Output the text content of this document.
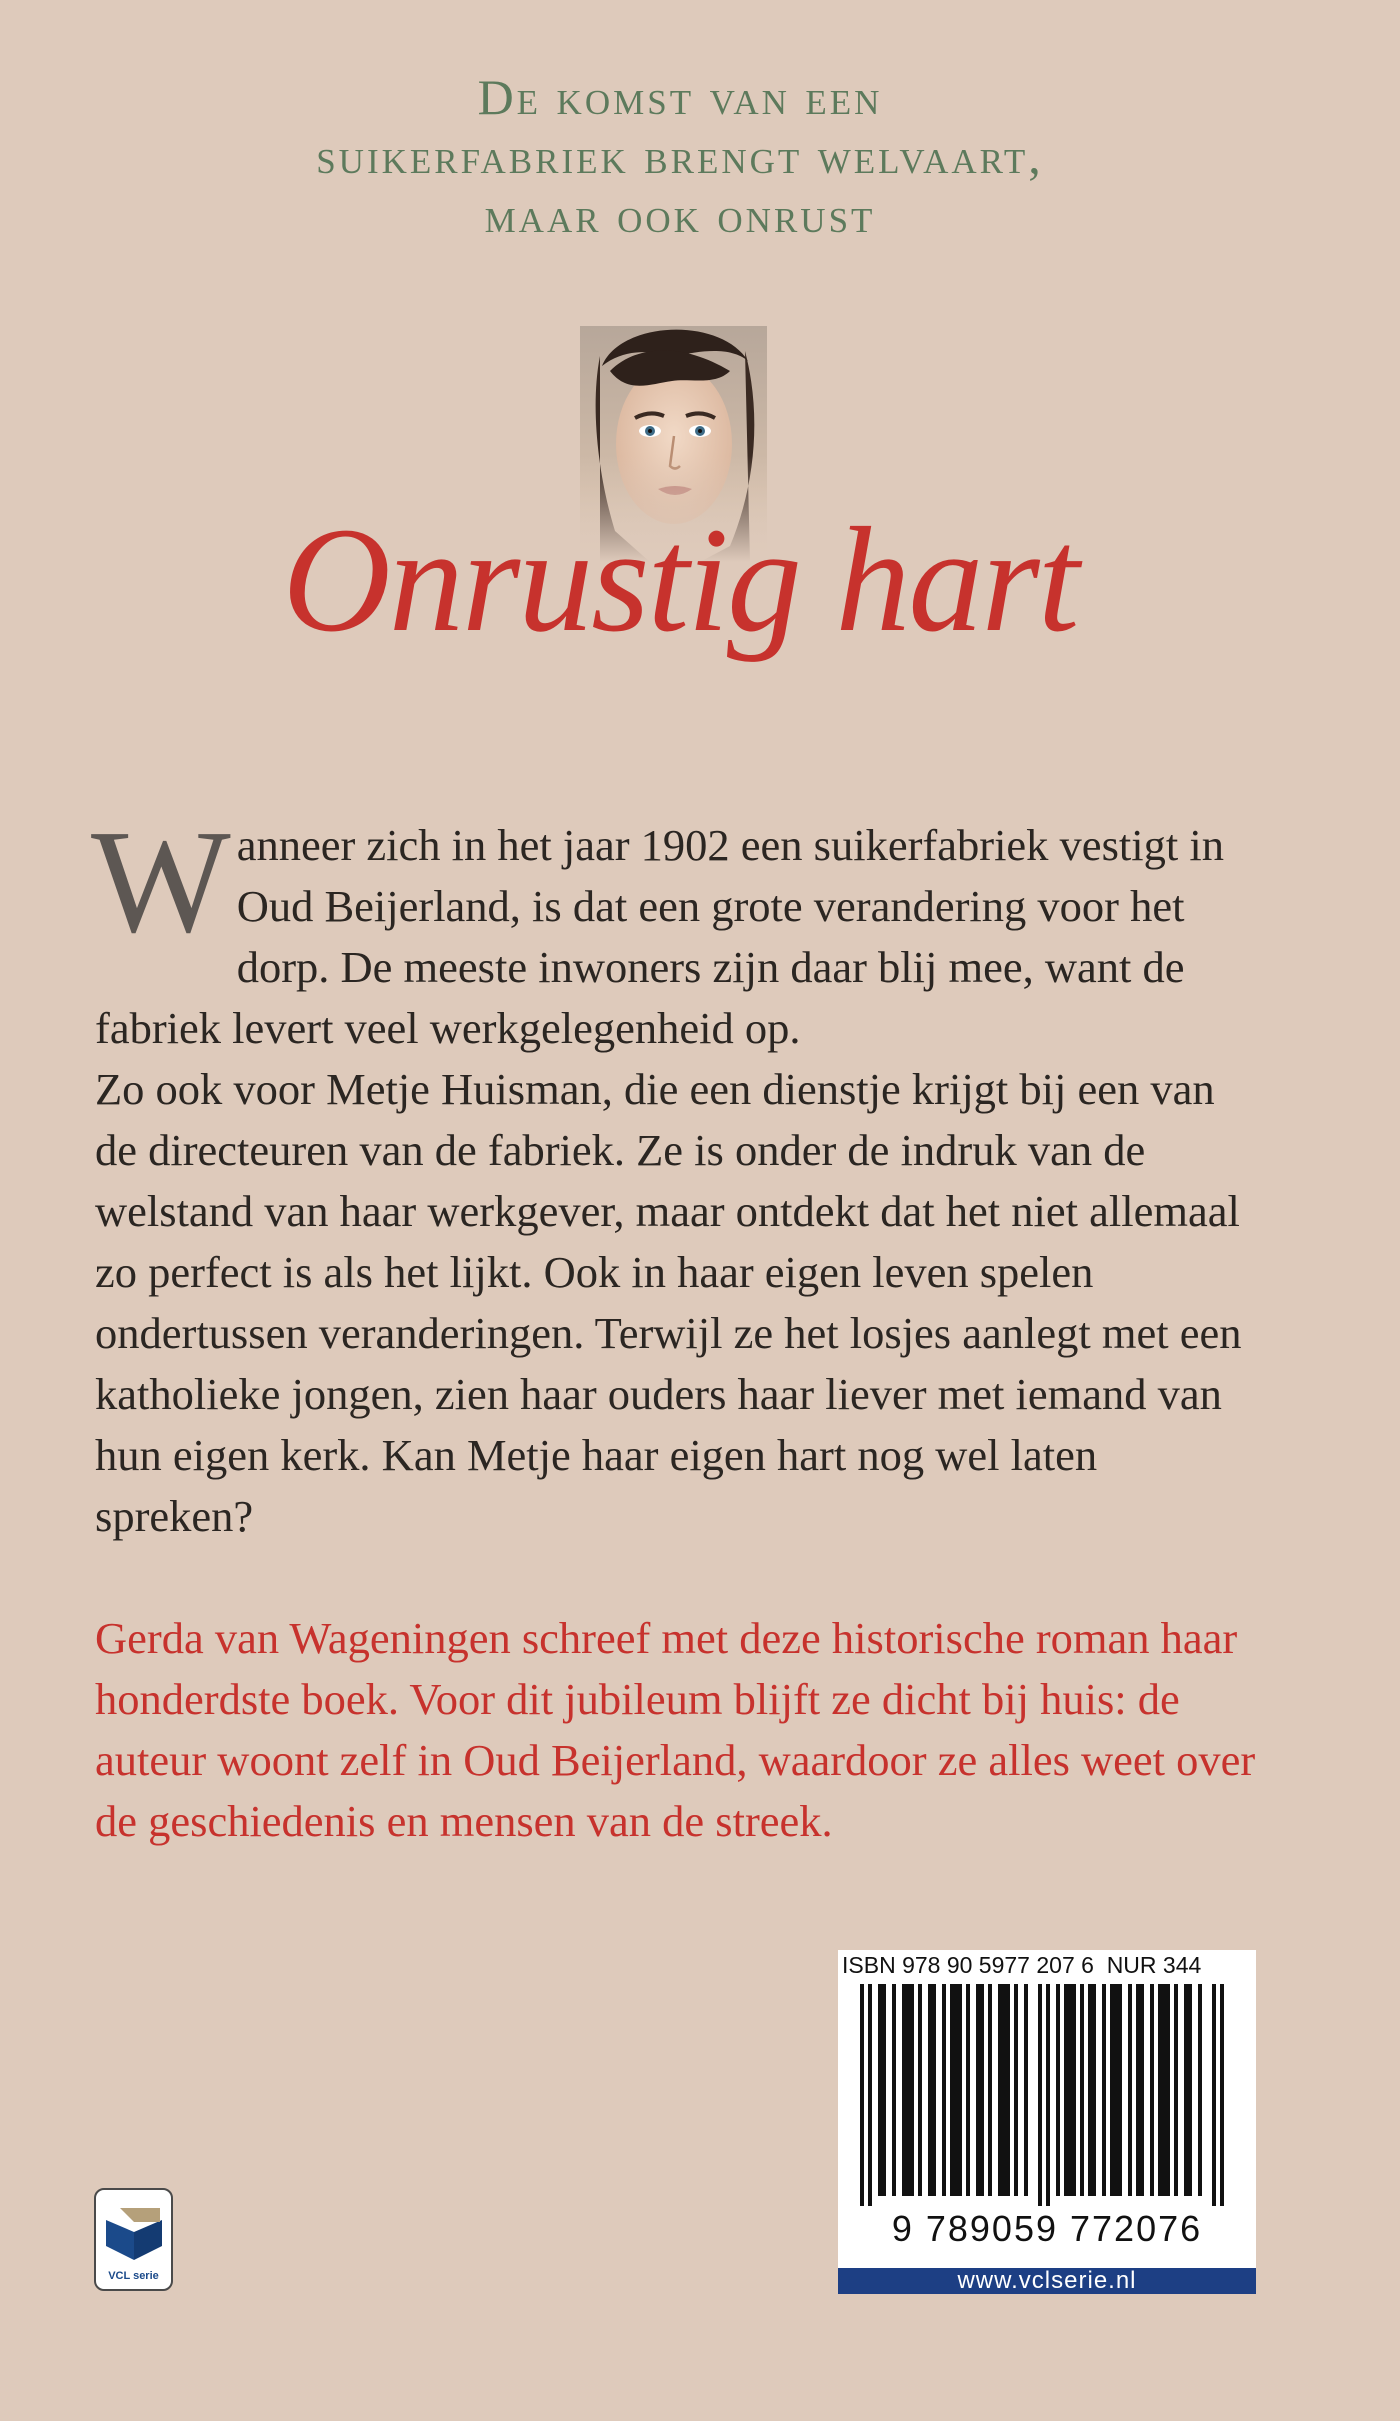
De komst van een
suikerfabriek brengt welvaart,
maar ook onrust
Onrustig hart

Wanneer zich in het jaar 1902 een suikerfabriek vestigt in Oud Beijerland, is dat een grote verandering voor het dorp. De meeste inwoners zijn daar blij mee, want de fabriek levert veel werkgelegenheid op.

Zo ook voor Metje Huisman, die een dienstje krijgt bij een van de directeuren van de fabriek. Ze is onder de indruk van de welstand van haar werkgever, maar ontdekt dat het niet allemaal zo perfect is als het lijkt. Ook in haar eigen leven spelen ondertussen veranderingen. Terwijl ze het losjes aanlegt met een katholieke jongen, zien haar ouders haar liever met iemand van hun eigen kerk. Kan Metje haar eigen hart nog wel laten spreken?

Gerda van Wageningen schreef met deze historische roman haar honderdste boek. Voor dit jubileum blijft ze dicht bij huis: de auteur woont zelf in Oud Beijerland, waardoor ze alles weet over de geschiedenis en mensen van de streek.

VCL serie
ISBN 978 90 5977 207 6  NUR 344
9 789059 772076
www.vclserie.nl
